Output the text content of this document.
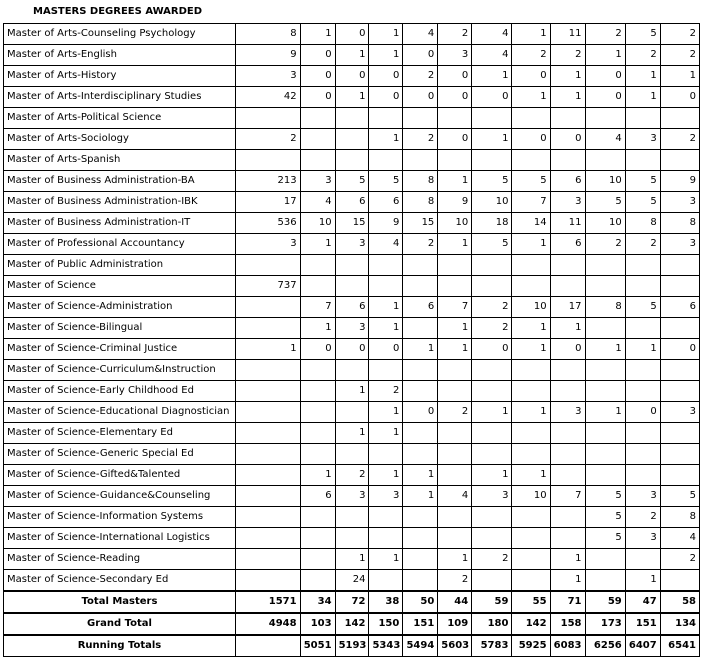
MASTERS DEGREES AWARDED
Master of Arts-Counseling Psychology	8	1	0	1	4	2	4	1	11	2	5	2
Master of Arts-English	9	0	1	1	0	3	4	2	2	1	2	2
Master of Arts-History	3	0	0	0	2	0	1	0	1	0	1	1
Master of Arts-Interdisciplinary Studies	42	0	1	0	0	0	0	1	1	0	1	0
Master of Arts-Political Science												
Master of Arts-Sociology	2			1	2	0	1	0	0	4	3	2
Master of Arts-Spanish												
Master of Business Administration-BA	213	3	5	5	8	1	5	5	6	10	5	9
Master of Business Administration-IBK	17	4	6	6	8	9	10	7	3	5	5	3
Master of Business Administration-IT	536	10	15	9	15	10	18	14	11	10	8	8
Master of Professional Accountancy	3	1	3	4	2	1	5	1	6	2	2	3
Master of Public Administration												
Master of Science	737											
Master of Science-Administration		7	6	1	6	7	2	10	17	8	5	6
Master of Science-Bilingual		1	3	1		1	2	1	1			
Master of Science-Criminal Justice	1	0	0	0	1	1	0	1	0	1	1	0
Master of Science-Curriculum&Instruction												
Master of Science-Early Childhood Ed			1	2								
Master of Science-Educational Diagnostician				1	0	2	1	1	3	1	0	3
Master of Science-Elementary Ed			1	1								
Master of Science-Generic Special Ed												
Master of Science-Gifted&Talented		1	2	1	1		1	1				
Master of Science-Guidance&Counseling		6	3	3	1	4	3	10	7	5	3	5
Master of Science-Information Systems										5	2	8
Master of Science-International Logistics										5	3	4
Master of Science-Reading			1	1		1	2		1			2
Master of Science-Secondary Ed			24			2			1		1	
Total Masters	1571	34	72	38	50	44	59	55	71	59	47	58
Grand Total	4948	103	142	150	151	109	180	142	158	173	151	134
Running Totals		5051	5193	5343	5494	5603	5783	5925	6083	6256	6407	6541
